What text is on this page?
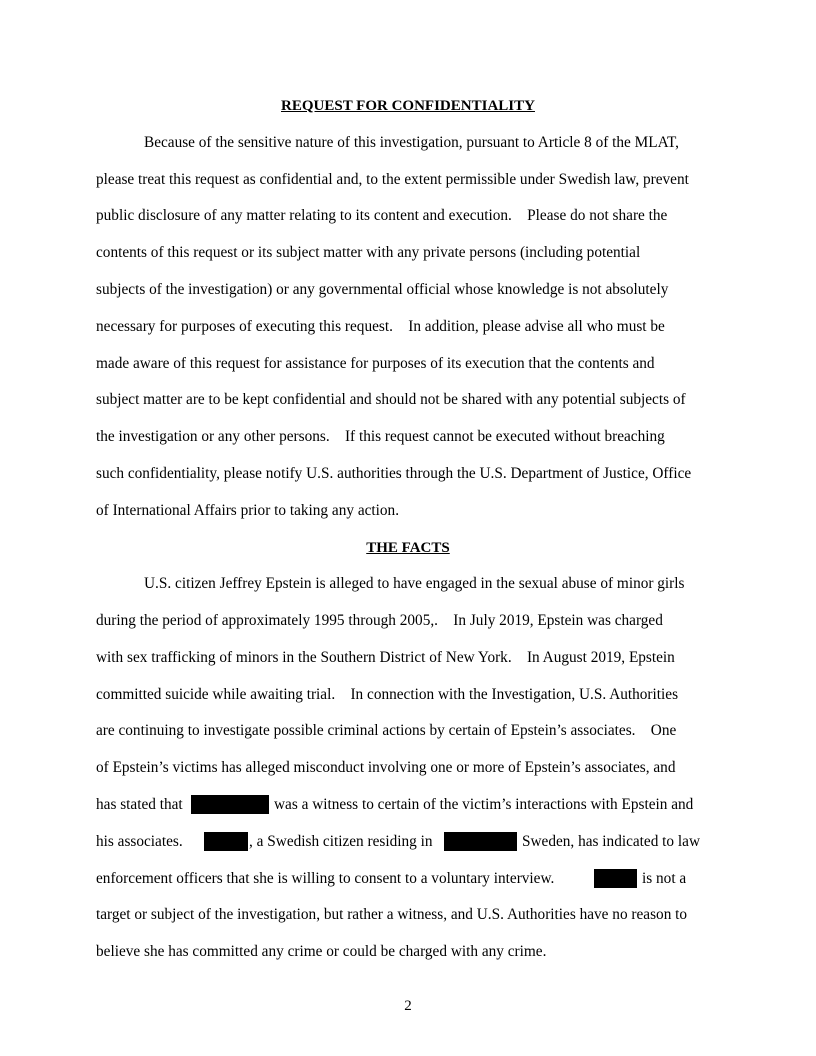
REQUEST FOR CONFIDENTIALITY
Because of the sensitive nature of this investigation, pursuant to Article 8 of the MLAT,
please treat this request as confidential and, to the extent permissible under Swedish law, prevent
public disclosure of any matter relating to its content and execution.    Please do not share the
contents of this request or its subject matter with any private persons (including potential
subjects of the investigation) or any governmental official whose knowledge is not absolutely
necessary for purposes of executing this request.    In addition, please advise all who must be
made aware of this request for assistance for purposes of its execution that the contents and
subject matter are to be kept confidential and should not be shared with any potential subjects of
the investigation or any other persons.    If this request cannot be executed without breaching
such confidentiality, please notify U.S. authorities through the U.S. Department of Justice, Office
of International Affairs prior to taking any action.
THE FACTS
U.S. citizen Jeffrey Epstein is alleged to have engaged in the sexual abuse of minor girls
during the period of approximately 1995 through 2005,.    In July 2019, Epstein was charged
with sex trafficking of minors in the Southern District of New York.    In August 2019, Epstein
committed suicide while awaiting trial.    In connection with the Investigation, U.S. Authorities
are continuing to investigate possible criminal actions by certain of Epstein’s associates.    One
of Epstein’s victims has alleged misconduct involving one or more of Epstein’s associates, and
has stated that	was a witness to certain of the victim’s interactions with Epstein and
his associates.	, a Swedish citizen residing in	Sweden, has indicated to law
enforcement officers that she is willing to consent to a voluntary interview.	is not a
target or subject of the investigation, but rather a witness, and U.S. Authorities have no reason to
believe she has committed any crime or could be charged with any crime.
2
